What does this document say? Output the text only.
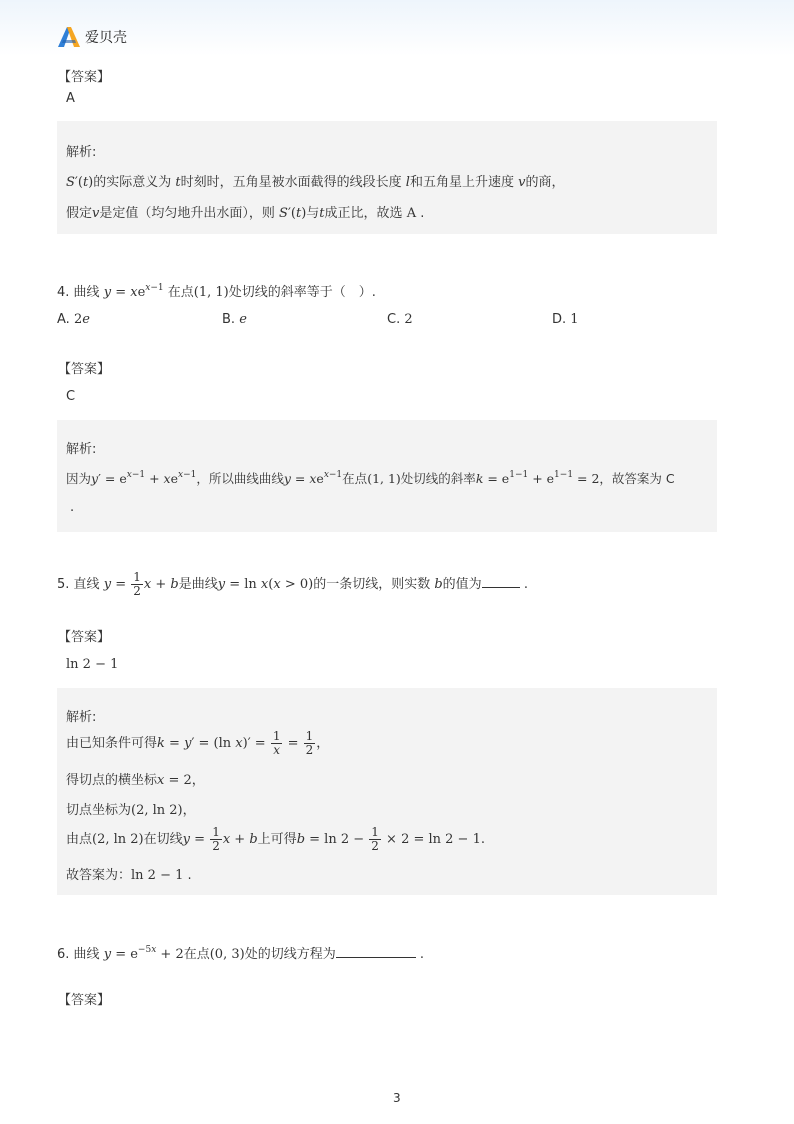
爱贝壳
【答案】
A
解析:
S′(t)的实际意义为 t时刻时，五角星被水面截得的线段长度 l和五角星上升速度 v的商，
假定v是定值（均匀地升出水面），则 S′(t)与t成正比，故选 A .
4. 曲线 $y = xe^{x-1}$ 在点(1, 1)处切线的斜率等于（　）.
A. 2e	B. e	C. 2	D. 1
【答案】
C
解析:
因为$y' = e^{x-1} + xe^{x-1}$，所以曲线曲线$y = xe^{x-1}$在点(1, 1)处切线的斜率$k = e^{1-1} + e^{1-1} = 2$，故答案为 C
.
5. 直线 $y = \frac{1}{2}$ x + b是曲线y = ln x(x > 0)的一条切线，则实数 b的值为	.
【答案】
ln 2 − 1
解析:
由已知条件可得k = y′ = (ln $x)' = \frac{1}{x} = \frac{1}{2}$ ，
得切点的横坐标x = 2，
切点坐标为(2, ln 2)，
由点(2, ln 2)在切线$y = \frac{1}{2}$ x + b上可得$b = \ln 2 - \frac{1}{2} \times 2 = \ln 2 - 1$.
故答案为：ln 2 − 1 .
6. 曲线 $y = e^{-5x} + 2$在点(0, 3)处的切线方程为	.
【答案】
3
